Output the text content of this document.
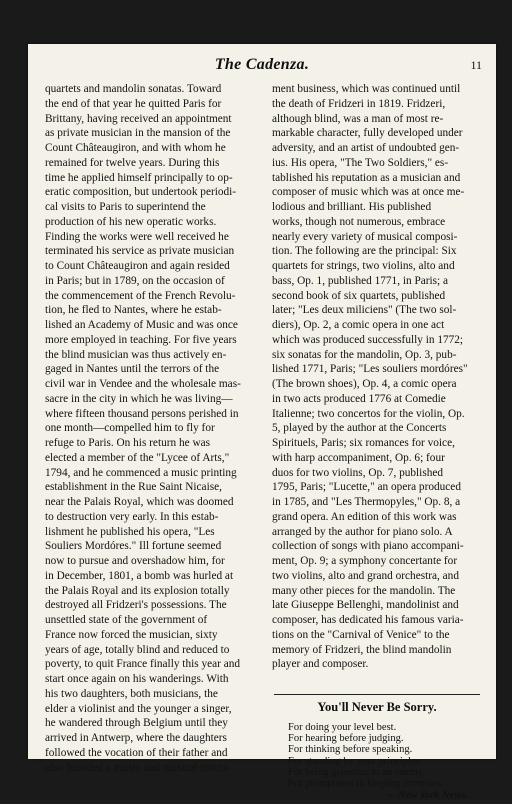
The Cadenza.	11
quartets and mandolin sonatas. Toward
the end of that year he quitted Paris for
Brittany, having received an appointment
as private musician in the mansion of the
Count Châteaugiron, and with whom he
remained for twelve years. During this
time he applied himself principally to op-
eratic composition, but undertook periodi-
cal visits to Paris to superintend the
production of his new operatic works.
Finding the works were well received he
terminated his service as private musician
to Count Châteaugiron and again resided
in Paris; but in 1789, on the occasion of
the commencement of the French Revolu-
tion, he fled to Nantes, where he estab-
lished an Academy of Music and was once
more employed in teaching. For five years
the blind musician was thus actively en-
gaged in Nantes until the terrors of the
civil war in Vendee and the wholesale mas-
sacre in the city in which he was living—
where fifteen thousand persons perished in
one month—compelled him to fly for
refuge to Paris. On his return he was
elected a member of the "Lycee of Arts,"
1794, and he commenced a music printing
establishment in the Rue Saint Nicaise,
near the Palais Royal, which was doomed
to destruction very early. In this estab-
lishment he published his opera, "Les
Souliers Mordóres." Ill fortune seemed
now to pursue and overshadow him, for
in December, 1801, a bomb was hurled at
the Palais Royal and its explosion totally
destroyed all Fridzeri's possessions. The
unsettled state of the government of
France now forced the musician, sixty
years of age, totally blind and reduced to
poverty, to quit France finally this year and
start once again on his wanderings. With
his two daughters, both musicians, the
elder a violinist and the younger a singer,
he wandered through Belgium until they
arrived in Antwerp, where the daughters
followed the vocation of their father and
also founded a music and musical instru-
ment business, which was continued until
the death of Fridzeri in 1819. Fridzeri,
although blind, was a man of most re-
markable character, fully developed under
adversity, and an artist of undoubted gen-
ius. His opera, "The Two Soldiers," es-
tablished his reputation as a musician and
composer of music which was at once me-
lodious and brilliant. His published
works, though not numerous, embrace
nearly every variety of musical composi-
tion. The following are the principal: Six
quartets for strings, two violins, alto and
bass, Op. 1, published 1771, in Paris; a
second book of six quartets, published
later; "Les deux miliciens" (The two sol-
diers), Op. 2, a comic opera in one act
which was produced successfully in 1772;
six sonatas for the mandolin, Op. 3, pub-
lished 1771, Paris; "Les souliers mordóres"
(The brown shoes), Op. 4, a comic opera
in two acts produced 1776 at Comedie
Italienne; two concertos for the violin, Op.
5, played by the author at the Concerts
Spirituels, Paris; six romances for voice,
with harp accompaniment, Op. 6; four
duos for two violins, Op. 7, published
1795, Paris; "Lucette," an opera produced
in 1785, and "Les Thermopyles," Op. 8, a
grand opera. An edition of this work was
arranged by the author for piano solo. A
collection of songs with piano accompani-
ment, Op. 9; a symphony concertante for
two violins, alto and grand orchestra, and
many other pieces for the mandolin. The
late Giuseppe Bellenghi, mandolinist and
composer, has dedicated his famous varia-
tions on the "Carnival of Venice" to the
memory of Fridzeri, the blind mandolin
player and composer.
You'll Never Be Sorry.
For doing your level best.
For hearing before judging.
For thinking before speaking.
For standing by your principles.
For being generous to an enemy.
For promptness in keeping promises.
—New York News.
